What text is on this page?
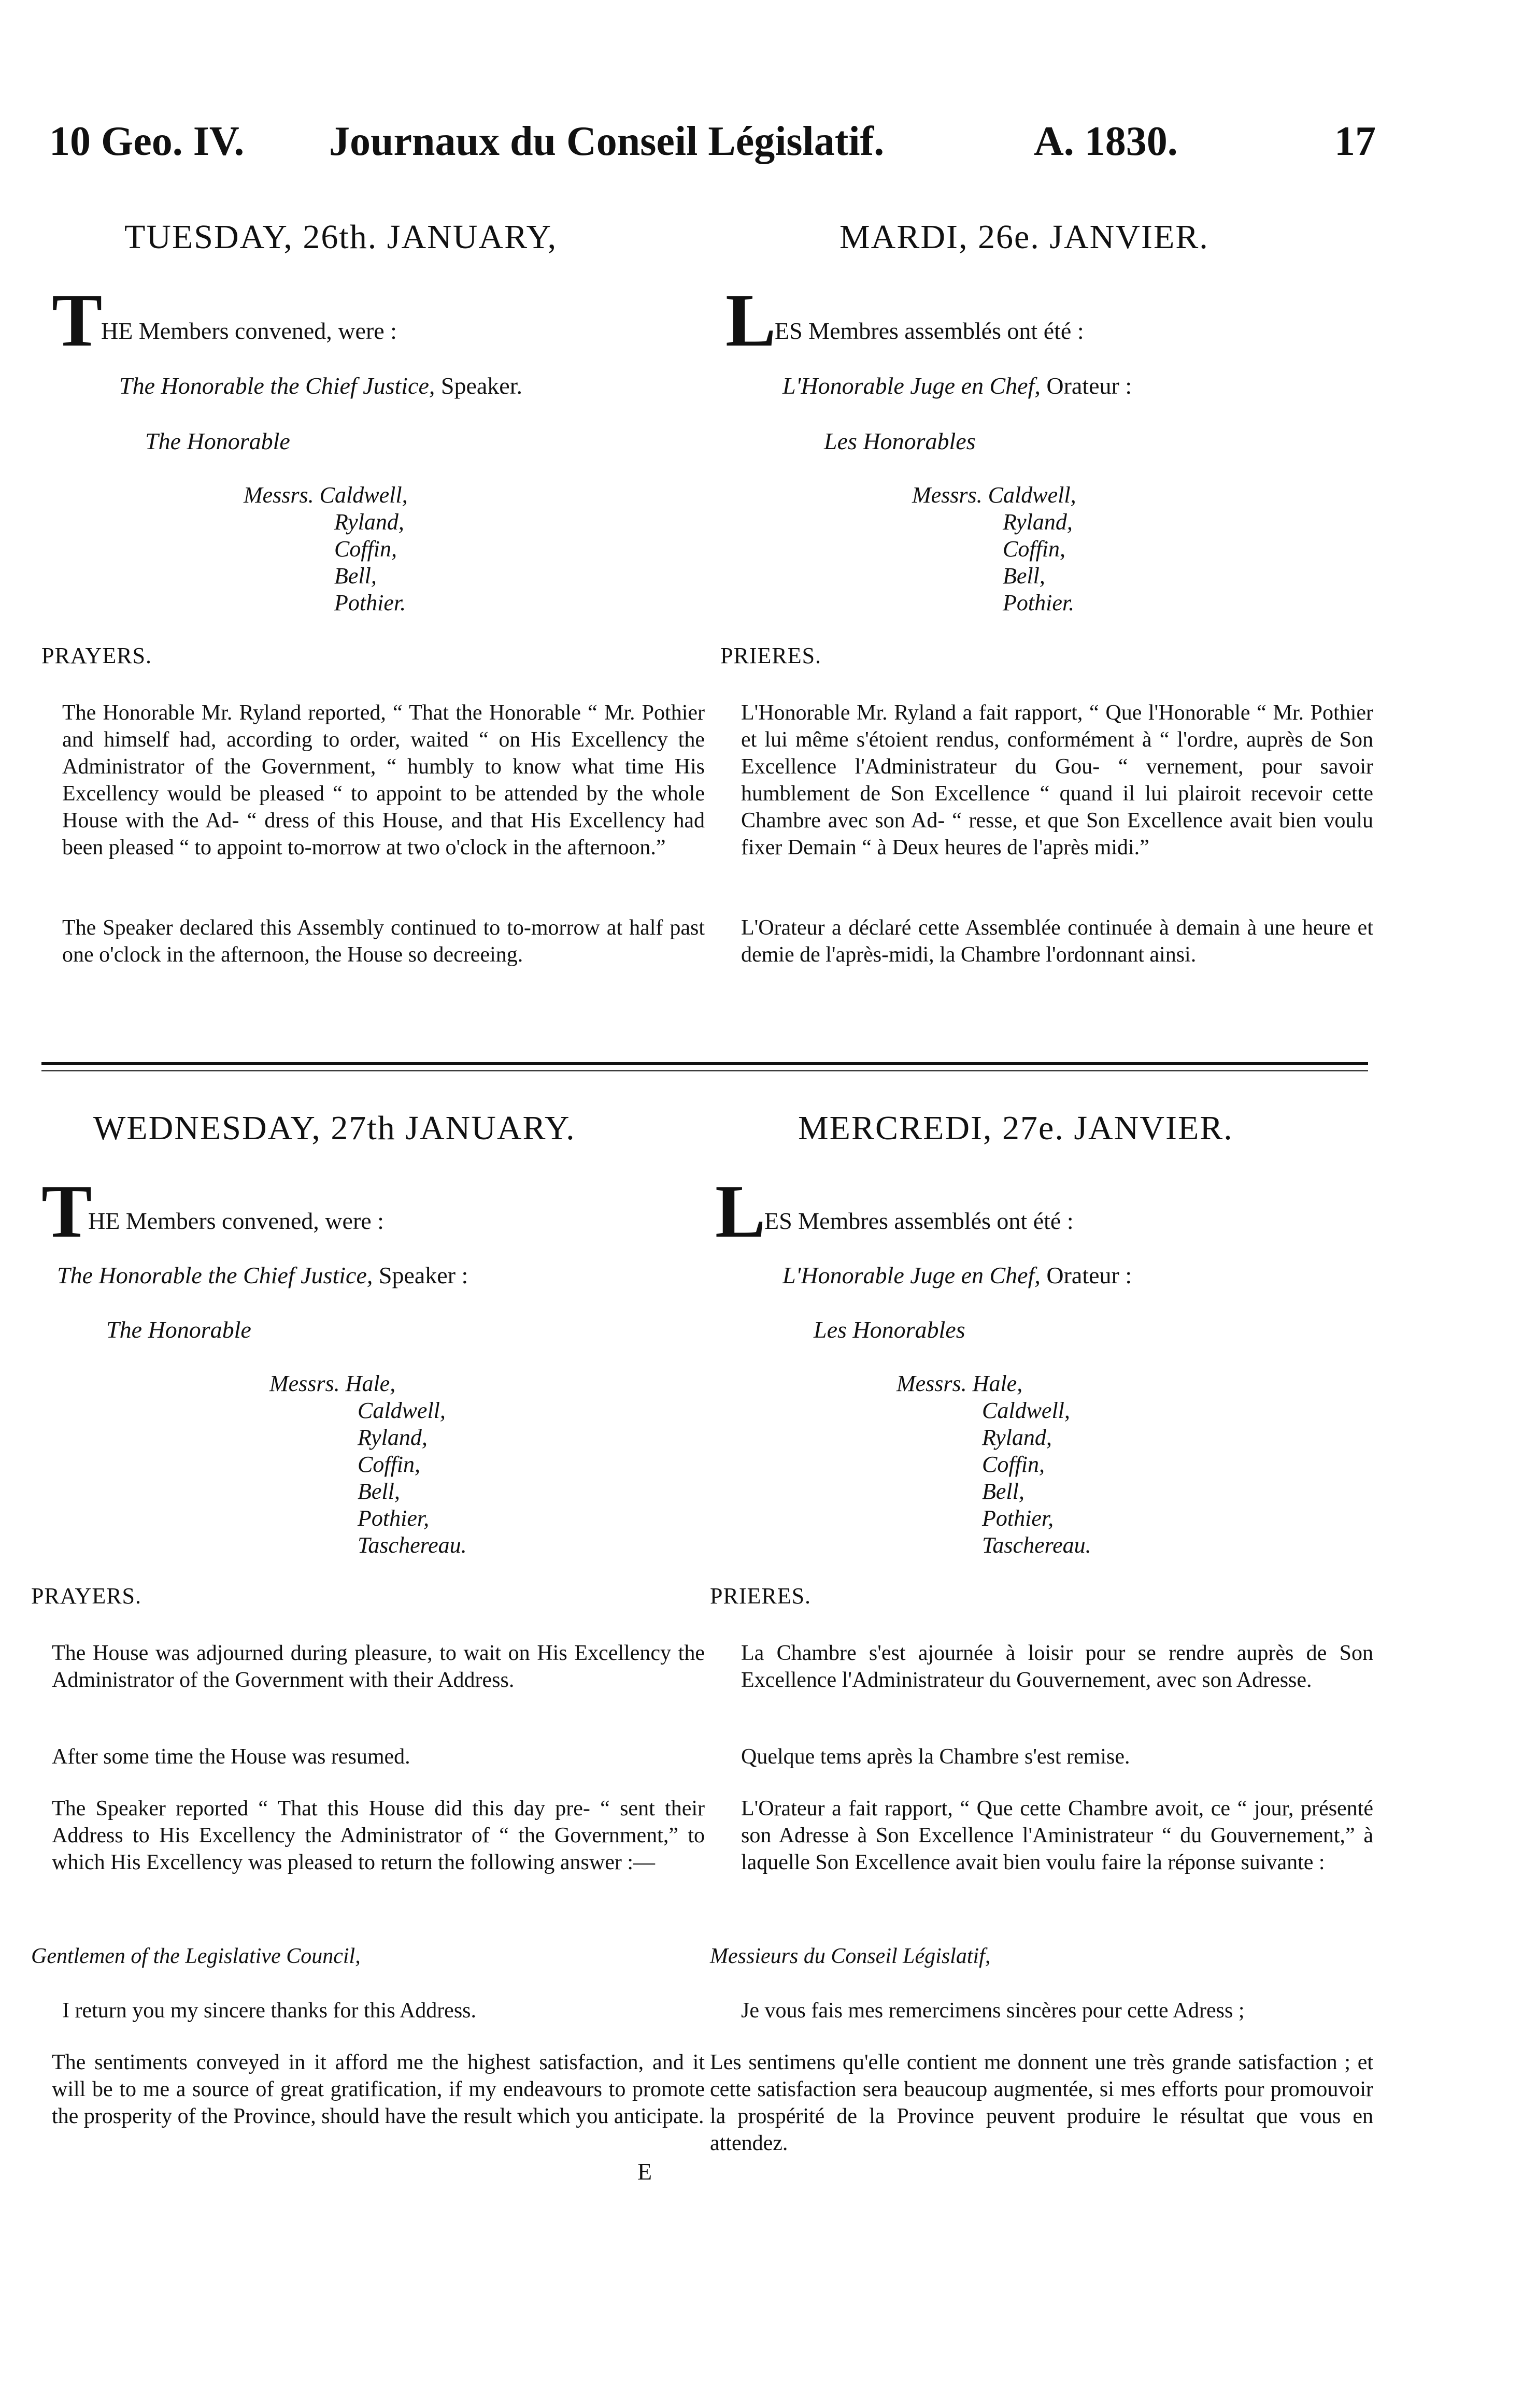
10 Geo. IV. Journaux du Conseil Législatif.	A. 1830.	17
TUESDAY, 26th. JANUARY,
T
HE Members convened, were :
The Honorable the Chief Justice, Speaker.
The Honorable
Messrs. Caldwell,
Ryland,
Coffin,
Bell,
Pothier.
PRAYERS.
The Honorable Mr. Ryland reported, “ That the Honorable “ Mr. Pothier and himself had, according to order, waited “ on His Excellency the Administrator of the Government, “ humbly to know what time His Excellency would be pleased “ to appoint to be attended by the whole House with the Ad- “ dress of this House, and that His Excellency had been pleased “ to appoint to-morrow at two o'clock in the afternoon.”
The Speaker declared this Assembly continued to to-morrow at half past one o'clock in the afternoon, the House so decreeing.
MARDI, 26e. JANVIER.
L
ES Membres assemblés ont été :
L'Honorable Juge en Chef, Orateur :
Les Honorables
Messrs. Caldwell,
Ryland,
Coffin,
Bell,
Pothier.
PRIERES.
L'Honorable Mr. Ryland a fait rapport, “ Que l'Honorable “ Mr. Pothier et lui même s'étoient rendus, conformément à “ l'ordre, auprès de Son Excellence l'Administrateur du Gou- “ vernement, pour savoir humblement de Son Excellence “ quand il lui plairoit recevoir cette Chambre avec son Ad- “ resse, et que Son Excellence avait bien voulu fixer Demain “ à Deux heures de l'après midi.”
L'Orateur a déclaré cette Assemblée continuée à demain à une heure et demie de l'après-midi, la Chambre l'ordonnant ainsi.
WEDNESDAY, 27th JANUARY.
T
HE Members convened, were :
The Honorable the Chief Justice, Speaker :
The Honorable
Messrs. Hale,
Caldwell,
Ryland,
Coffin,
Bell,
Pothier,
Taschereau.
PRAYERS.
The House was adjourned during pleasure, to wait on His Excellency the Administrator of the Government with their Address.
After some time the House was resumed.
The Speaker reported “ That this House did this day pre- “ sent their Address to His Excellency the Administrator of “ the Government,” to which His Excellency was pleased to return the following answer :—
Gentlemen of the Legislative Council,
I return you my sincere thanks for this Address.
The sentiments conveyed in it afford me the highest satisfaction, and it will be to me a source of great gratification, if my endeavours to promote the prosperity of the Province, should have the result which you anticipate.
E
MERCREDI, 27e. JANVIER.
L
ES Membres assemblés ont été :
L'Honorable Juge en Chef, Orateur :
Les Honorables
Messrs. Hale,
Caldwell,
Ryland,
Coffin,
Bell,
Pothier,
Taschereau.
PRIERES.
La Chambre s'est ajournée à loisir pour se rendre auprès de Son Excellence l'Administrateur du Gouvernement, avec son Adresse.
Quelque tems après la Chambre s'est remise.
L'Orateur a fait rapport, “ Que cette Chambre avoit, ce “ jour, présenté son Adresse à Son Excellence l'Aministrateur “ du Gouvernement,” à laquelle Son Excellence avait bien voulu faire la réponse suivante :
Messieurs du Conseil Législatif,
Je vous fais mes remercimens sincères pour cette Adress ;
Les sentimens qu'elle contient me donnent une très grande satisfaction ; et cette satisfaction sera beaucoup augmentée, si mes efforts pour promouvoir la prospérité de la Province peuvent produire le résultat que vous en attendez.
